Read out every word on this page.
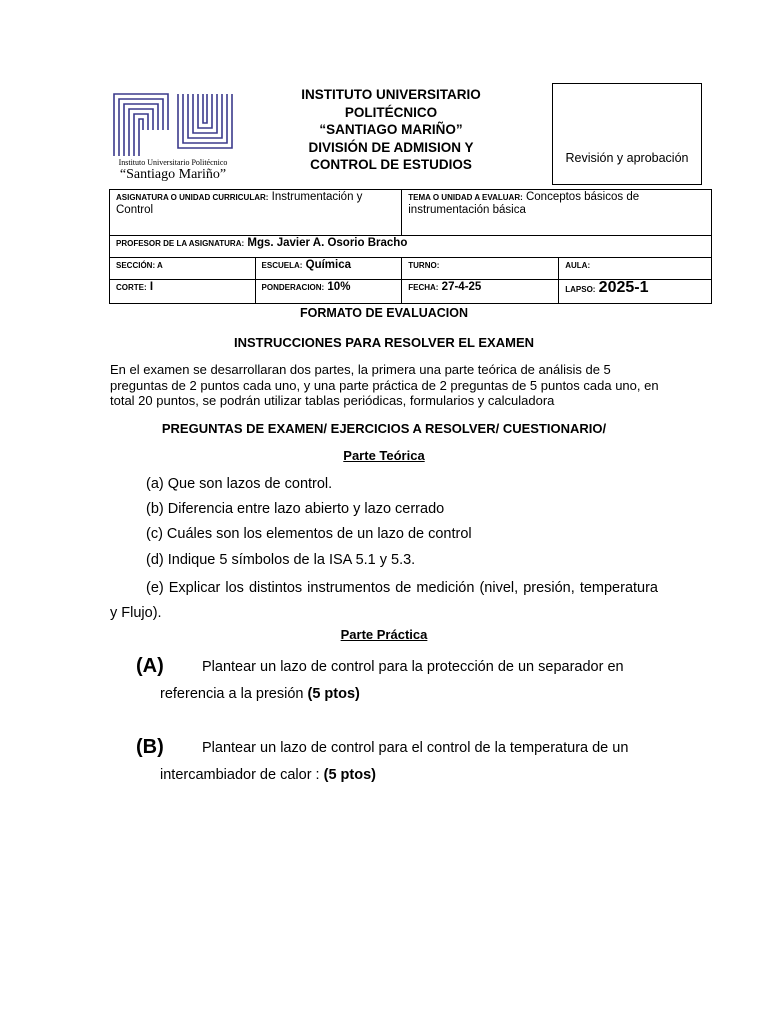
Instituto Universitario Politécnico
“Santiago Mariño”
INSTITUTO UNIVERSITARIO
POLITÉCNICO
“SANTIAGO MARIÑO”
DIVISIÓN DE ADMISION Y
CONTROL DE ESTUDIOS	Revisión y aprobación
ASIGNATURA O UNIDAD CURRICULAR: Instrumentación y Control		TEMA O UNIDAD A EVALUAR: Conceptos básicos de instrumentación básica	
PROFESOR DE LA ASIGNATURA: Mgs. Javier A. Osorio Bracho			
SECCIÓN: A	ESCUELA: Química	TURNO:	AULA:
CORTE: I	PONDERACION: 10%	FECHA: 27-4-25	LAPSO: 2025-1
FORMATO DE EVALUACION
INSTRUCCIONES PARA RESOLVER EL EXAMEN
En el examen se desarrollaran dos partes, la primera una parte teórica de análisis de 5 preguntas de 2 puntos cada uno, y una parte práctica de 2 preguntas de 5 puntos cada uno, en total 20 puntos, se podrán utilizar tablas periódicas, formularios y calculadora
PREGUNTAS DE EXAMEN/ EJERCICIOS A RESOLVER/ CUESTIONARIO/
Parte Teórica
(a) Que son lazos de control.
(b) Diferencia entre lazo abierto y lazo cerrado
(c) Cuáles son los elementos de un lazo de control
(d) Indique 5 símbolos de la ISA 5.1 y 5.3.
(e) Explicar los distintos instrumentos de medición (nivel, presión, temperatura y Flujo).
Parte Práctica
(A)	Plantear un lazo de control para la protección de un separador en
referencia a la presión (5 ptos)
(B)	Plantear un lazo de control para el control de la temperatura de un
intercambiador de calor : (5 ptos)
